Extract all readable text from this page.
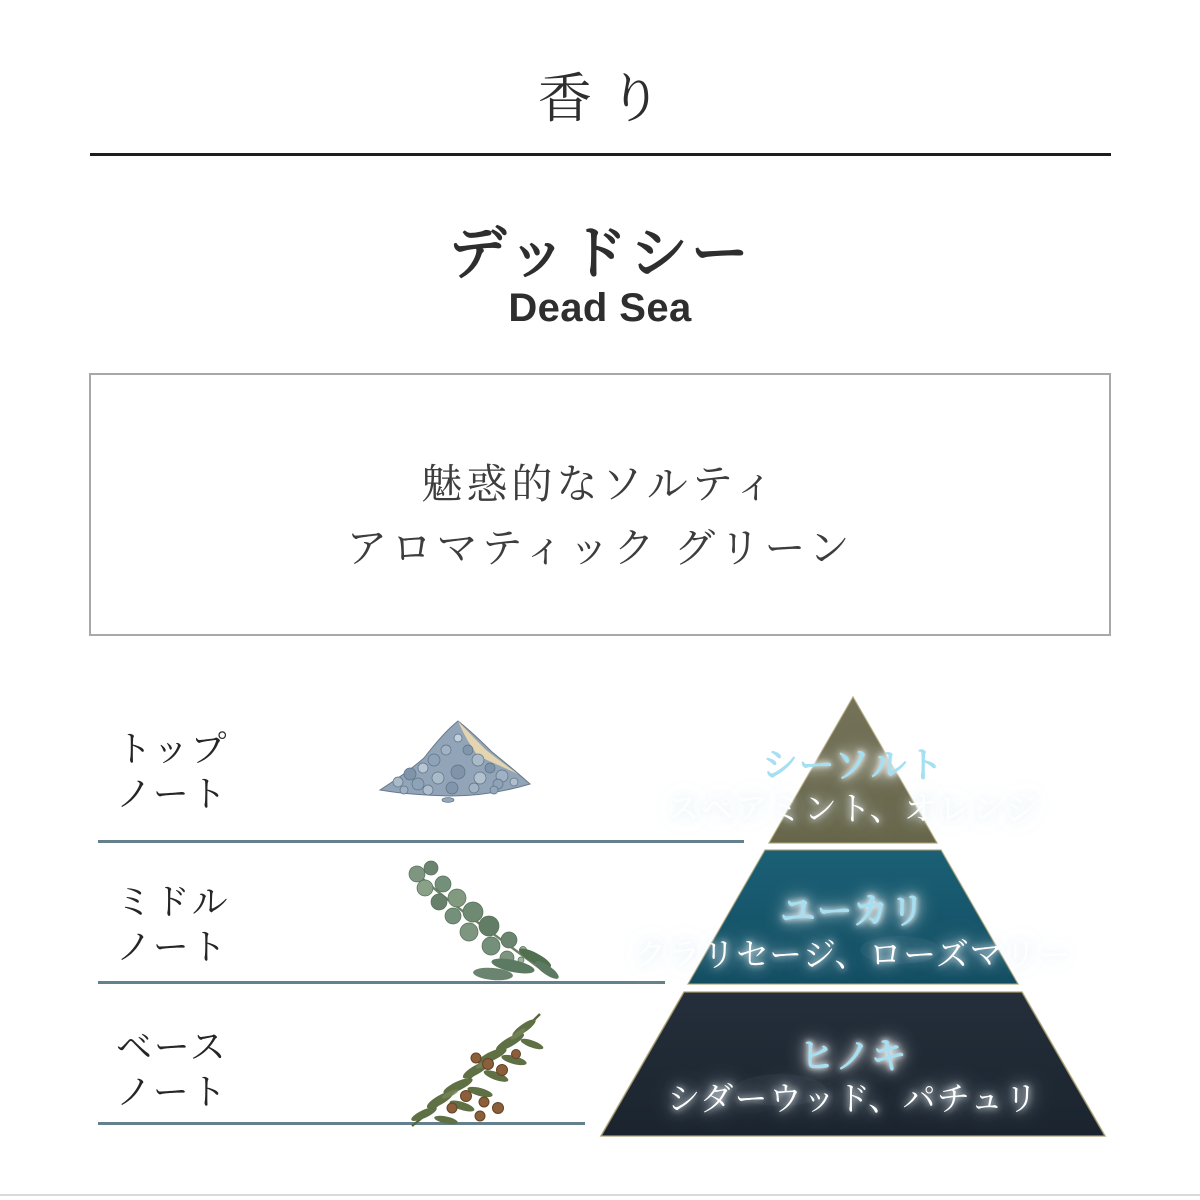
香り
デッドシー
Dead Sea
魅惑的なソルティ
アロマティック グリーン
トップ
ノート
ミドル
ノート
ベース
ノート
シーソルト
スペアミント、オレンジ
ユーカリ
クラリセージ、ローズマリー
ヒノキ
シダーウッド、パチュリ
